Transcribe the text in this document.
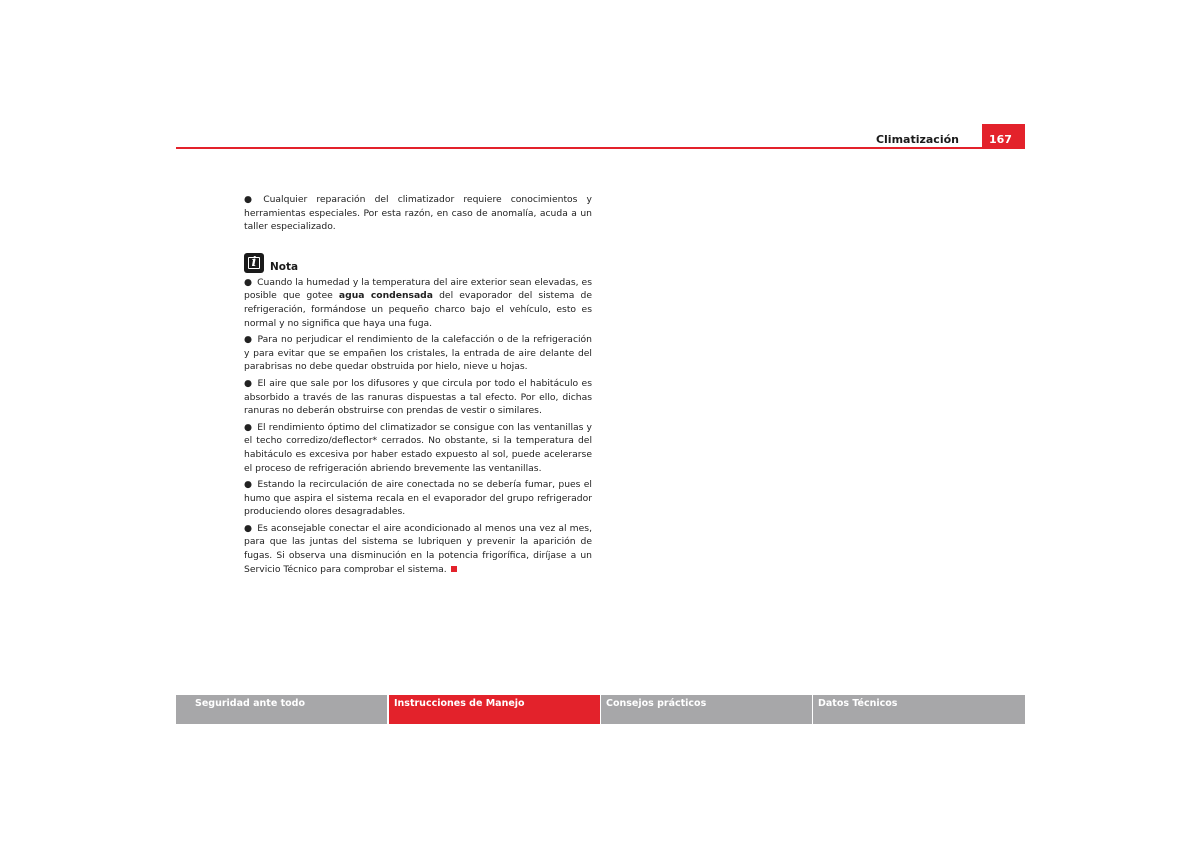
Climatización	167

● Cualquier reparación del climatizador requiere conocimientos y herramientas especiales. Por esta razón, en caso de anomalía, acuda a un taller especializado.

i	Nota

● Cuando la humedad y la temperatura del aire exterior sean elevadas, es posible que gotee agua condensada del evaporador del sistema de refrigeración, formándose un pequeño charco bajo el vehículo, esto es normal y no significa que haya una fuga.

● Para no perjudicar el rendimiento de la calefacción o de la refrigeración y para evitar que se empañen los cristales, la entrada de aire delante del parabrisas no debe quedar obstruida por hielo, nieve u hojas.

● El aire que sale por los difusores y que circula por todo el habitáculo es absorbido a través de las ranuras dispuestas a tal efecto. Por ello, dichas ranuras no deberán obstruirse con prendas de vestir o similares.

● El rendimiento óptimo del climatizador se consigue con las ventanillas y el techo corredizo/deflector* cerrados. No obstante, si la temperatura del habitáculo es excesiva por haber estado expuesto al sol, puede acelerarse el proceso de refrigeración abriendo brevemente las ventanillas.

● Estando la recirculación de aire conectada no se debería fumar, pues el humo que aspira el sistema recala en el evaporador del grupo refrigerador produciendo olores desagradables.

● Es aconsejable conectar el aire acondicionado al menos una vez al mes, para que las juntas del sistema se lubriquen y prevenir la aparición de fugas. Si observa una disminución en la potencia frigorífica, diríjase a un Servicio Técnico para comprobar el sistema.

Seguridad ante todo	Instrucciones de Manejo	Consejos prácticos	Datos Técnicos
